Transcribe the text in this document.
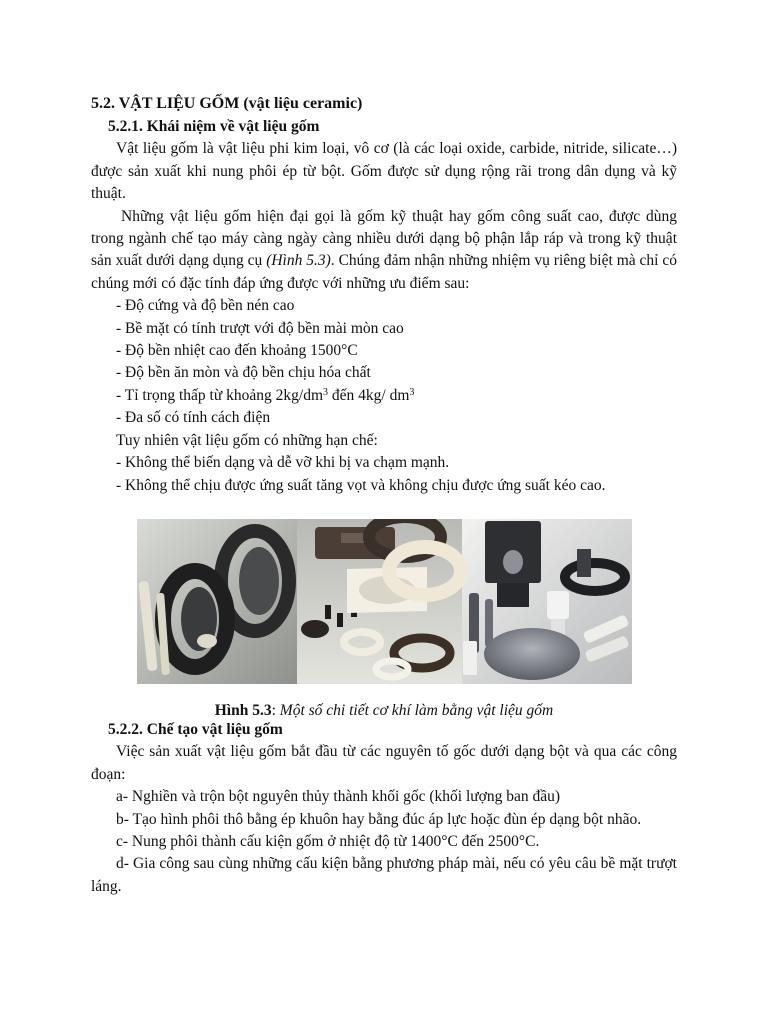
5.2. VẬT LIỆU GỐM (vật liệu ceramic)

5.2.1. Khái niệm về vật liệu gốm

Vật liệu gốm là vật liệu phi kim loại, vô cơ (là các loại oxide, carbide, nitride, silicate…) được sản xuất khi nung phôi ép từ bột. Gốm được sử dụng rộng rãi trong dân dụng và kỹ thuật.

Những vật liệu gốm hiện đại gọi là gốm kỹ thuật hay gốm công suất cao, được dùng trong ngành chế tạo máy càng ngày càng nhiều dưới dạng bộ phận lắp ráp và trong kỹ thuật sản xuất dưới dạng dụng cụ (Hình 5.3). Chúng đảm nhận những nhiệm vụ riêng biệt mà chỉ có chúng mới có đặc tính đáp ứng được với những ưu điểm sau:

- Độ cứng và độ bền nén cao

- Bề mặt có tính trượt với độ bền mài mòn cao

- Độ bền nhiệt cao đến khoảng 1500°C

- Độ bền ăn mòn và độ bền chịu hóa chất

- Tỉ trọng thấp từ khoảng $2kg/dm^3$ đến 4kg/ $dm^3$

- Đa số có tính cách điện

Tuy nhiên vật liệu gốm có những hạn chế:

- Không thể biến dạng và dễ vỡ khi bị va chạm mạnh.

- Không thể chịu được ứng suất tăng vọt và không chịu được ứng suất kéo cao.

Hình 5.3: Một số chi tiết cơ khí làm bằng vật liệu gốm

5.2.2. Chế tạo vật liệu gốm

Việc sản xuất vật liệu gốm bắt đầu từ các nguyên tố gốc dưới dạng bột và qua các công đoạn:

a- Nghiền và trộn bột nguyên thủy thành khối gốc (khối lượng ban đầu)

b- Tạo hình phôi thô bằng ép khuôn hay bằng đúc áp lực hoặc đùn ép dạng bột nhão.

c- Nung phôi thành cấu kiện gốm ở nhiệt độ từ 1400°C đến 2500°C.

d- Gia công sau cùng những cấu kiện bằng phương pháp mài, nếu có yêu câu bề mặt trượt láng.
